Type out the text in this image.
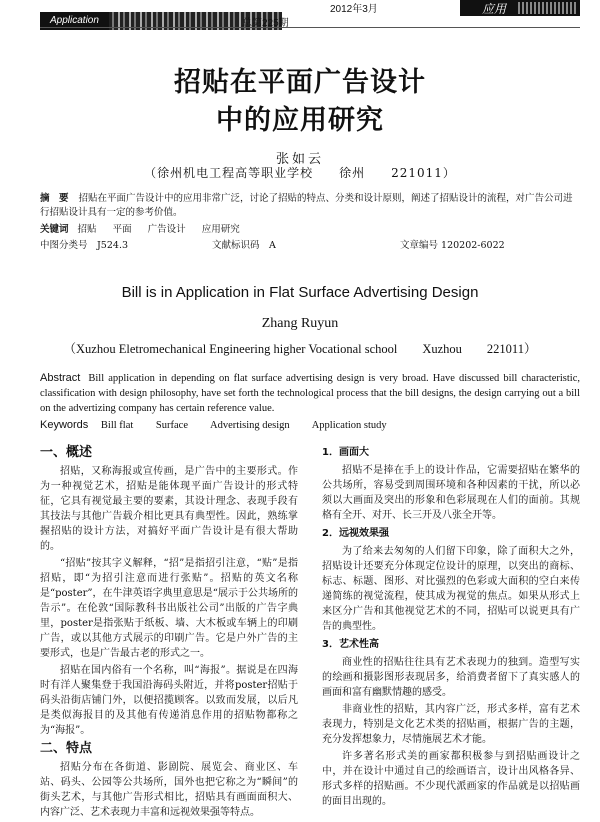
Application	总第225期
2012年3月	应用
招贴在平面广告设计
中的应用研究
张如云
（徐州机电工程高等职业学校　　徐州　　221011）
摘　要 招贴在平面广告设计中的应用非常广泛，讨论了招贴的特点、分类和设计原则，阐述了招贴设计的流程，对广告公司进行招贴设计具有一定的参考价值。
关键词 招贴 平面 广告设计 应用研究
中图分类号　J524.3	文献标识码　A	文章编号 120202-6022
Bill is in Application in Flat Surface Advertising Design
Zhang Ruyun
（Xuzhou Eletromechanical Engineering higher Vocational school　　Xuzhou　　221011）
Abstract Bill application in depending on flat surface advertising design is very broad. Have discussed bill characteristic, classification with design philosophy, have set forth the technological process that the bill designs, the design carrying out a bill on the advertizing company has certain reference value.
Keywords Bill flat Surface Advertising design Application study
一、概述

招贴，又称海报或宣传画，是广告中的主要形式。作为一种视觉艺术，招贴是能体现平面广告设计的形式特征，它具有视觉最主要的要素，其设计理念、表现手段有其技法与其他广告载介相比更具有典型性。因此，熟练掌握招贴的设计方法，对搞好平面广告设计是有很大帮助的。

“招贴”按其字义解释，“招”是指招引注意，“贴”是指招贴，即“为招引注意而进行张贴”。招贴的英文名称是“poster”，在牛津英语字典里意思是“展示于公共场所的告示”。在伦敦“国际教科书出版社公司”出版的广告字典里，poster是指张贴于纸板、墙、大木板或车辆上的印刷广告，或以其他方式展示的印刷广告。它是户外广告的主要形式，也是广告最古老的形式之一。

招贴在国内俗有一个名称，叫“海报”。据说是在四海时有洋人聚集登于我国沿海码头附近，并将poster招贴于码头沿街店铺门外，以便招揽顾客。以致而发展，以后凡是类似海报目的及其他有传递消息作用的招贴物都称之为“海报”。

二、特点

招贴分布在各街道、影剧院、展览会、商业区、车站、码头、公园等公共场所，国外也把它称之为“瞬间”的街头艺术，与其他广告形式相比，招贴具有画面面积大、内容广泛、艺术表现力丰富和远视效果强等特点。

1．画面大

招贴不是捧在手上的设计作品，它需要招贴在繁华的公共场所，容易受到周围环境和各种因素的干扰，所以必须以大画面及突出的形象和色彩展现在人们的面前。其规格有全开、对开、长三开及八张全开等。

2．远视效果强

为了给来去匆匆的人们留下印象，除了面积大之外，招贴设计还要充分体现定位设计的原理，以突出的商标、标志、标题、图形、对比强烈的色彩或大面积的空白来传递简练的视觉流程，使其成为视觉的焦点。如果从形式上来区分广告和其他视觉艺术的不同，招贴可以说更具有广告的典型性。

3．艺术性高

商业性的招贴往往具有艺术表现力的独到。造型写实的绘画和摄影图形表现居多，给消费者留下了真实感人的画面和富有幽默情趣的感受。

非商业性的招贴，其内容广泛，形式多样，富有艺术表现力，特别是文化艺术类的招贴画，根据广告的主题，充分发挥想象力，尽情施展艺术才能。

许多著名形式美的画家都积极参与到招贴画设计之中，并在设计中通过自己的绘画语言，设计出风格各异、形式多样的招贴画。不少现代派画家的作品就是以招贴画的面目出现的。
